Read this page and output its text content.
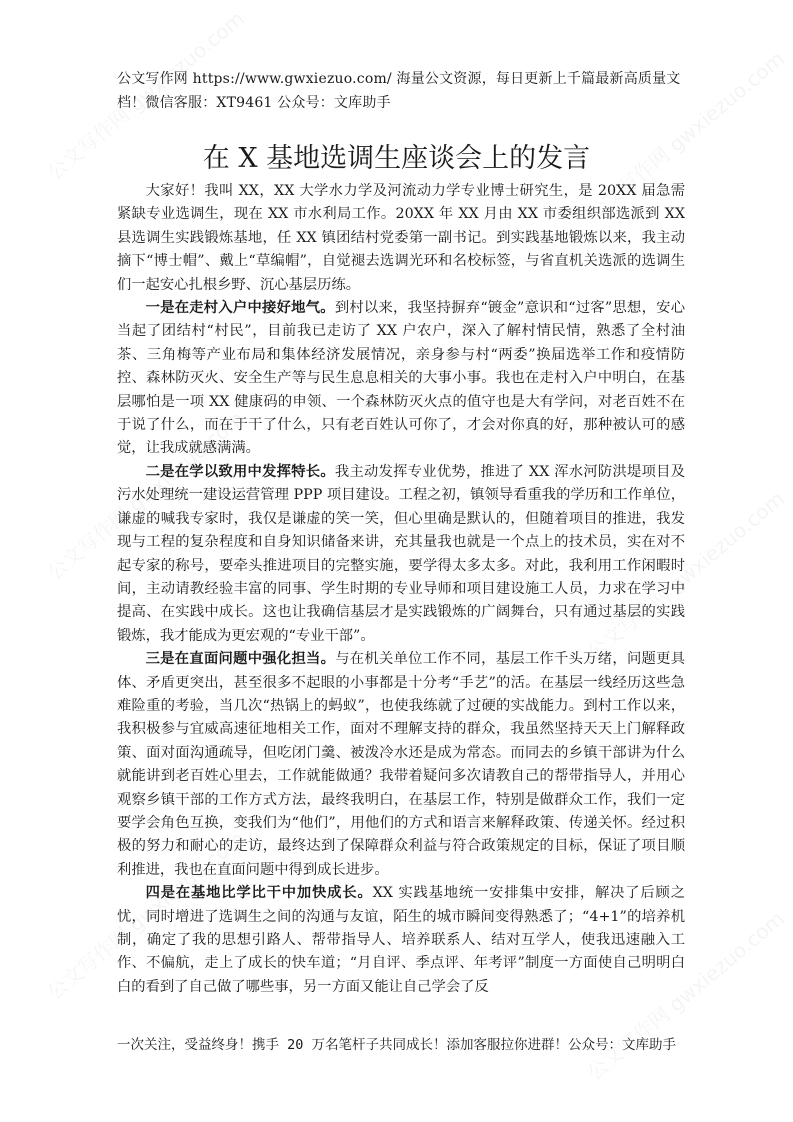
公文写作网 https://www.gwxiezuo.com/ 海量公文资源，每日更新上千篇最新高质量文档！微信客服：XT9461 公众号：文库助手
在 X 基地选调生座谈会上的发言

大家好！我叫 XX，XX 大学水力学及河流动力学专业博士研究生，是 20XX 届急需紧缺专业选调生，现在 XX 市水利局工作。20XX 年 XX 月由 XX 市委组织部选派到 XX 县选调生实践锻炼基地，任 XX 镇团结村党委第一副书记。到实践基地锻炼以来，我主动摘下“博士帽”、戴上“草编帽”，自觉褪去选调光环和名校标签，与省直机关选派的选调生们一起安心扎根乡野、沉心基层历练。

一是在走村入户中接好地气。到村以来，我坚持摒弃“镀金”意识和“过客”思想，安心当起了团结村“村民”，目前我已走访了 XX 户农户，深入了解村情民情，熟悉了全村油茶、三角梅等产业布局和集体经济发展情况，亲身参与村“两委”换届选举工作和疫情防控、森林防灭火、安全生产等与民生息息相关的大事小事。我也在走村入户中明白，在基层哪怕是一项 XX 健康码的申领、一个森林防灭火点的值守也是大有学问，对老百姓不在于说了什么，而在于干了什么，只有老百姓认可你了，才会对你真的好，那种被认可的感觉，让我成就感满满。

二是在学以致用中发挥特长。我主动发挥专业优势，推进了 XX 浑水河防洪堤项目及污水处理统一建设运营管理 PPP 项目建设。工程之初，镇领导看重我的学历和工作单位，谦虚的喊我专家时，我仅是谦虚的笑一笑，但心里确是默认的，但随着项目的推进，我发现与工程的复杂程度和自身知识储备来讲，充其量我也就是一个点上的技术员，实在对不起专家的称号，要牵头推进项目的完整实施，要学得太多太多。对此，我利用工作闲暇时间，主动请教经验丰富的同事、学生时期的专业导师和项目建设施工人员，力求在学习中提高、在实践中成长。这也让我确信基层才是实践锻炼的广阔舞台，只有通过基层的实践锻炼，我才能成为更宏观的“专业干部”。

三是在直面问题中强化担当。与在机关单位工作不同，基层工作千头万绪，问题更具体、矛盾更突出，甚至很多不起眼的小事都是十分考“手艺”的活。在基层一线经历这些急难险重的考验，当几次“热锅上的蚂蚁”，也使我练就了过硬的实战能力。到村工作以来，我积极参与宜威高速征地相关工作，面对不理解支持的群众，我虽然坚持天天上门解释政策、面对面沟通疏导，但吃闭门羹、被泼冷水还是成为常态。而同去的乡镇干部讲为什么就能讲到老百姓心里去，工作就能做通？我带着疑问多次请教自己的帮带指导人，并用心观察乡镇干部的工作方式方法，最终我明白，在基层工作，特别是做群众工作，我们一定要学会角色互换，变我们为“他们”，用他们的方式和语言来解释政策、传递关怀。经过积极的努力和耐心的走访，最终达到了保障群众利益与符合政策规定的目标，保证了项目顺利推进，我也在直面问题中得到成长进步。

四是在基地比学比干中加快成长。XX 实践基地统一安排集中安排，解决了后顾之忧，同时增进了选调生之间的沟通与友谊，陌生的城市瞬间变得熟悉了；“4+1”的培养机制，确定了我的思想引路人、帮带指导人、培养联系人、结对互学人，使我迅速融入工作、不偏航，走上了成长的快车道；“月自评、季点评、年考评”制度一方面使自己明明白白的看到了自己做了哪些事，另一方面又能让自己学会了反

一次关注，受益终身！携手 20 万名笔杆子共同成长！添加客服拉你进群！公众号：文库助手
